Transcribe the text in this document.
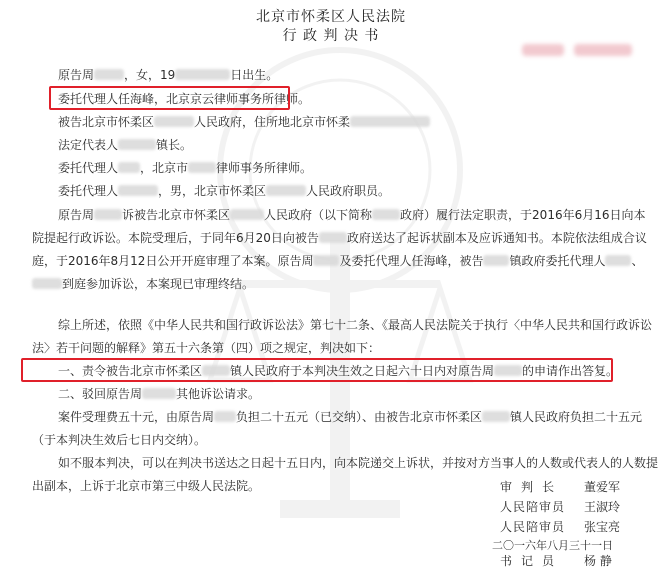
北京市怀柔区人民法院
行 政 判 决 书
原告周	，女，19	日出生。
委托代理人任海峰，北京京云律师事务所律师。
被告北京市怀柔区	人民政府，住所地北京市怀柔
法定代表人	镇长。
委托代理人 ，北京市 律师事务所律师。
委托代理人	，男，北京市怀柔区	人民政府职员。
原告周 诉被告北京市怀柔区	人民政府（以下简称 政府）履行法定职责，于2016年6月16日向本
院提起行政诉讼。本院受理后，于同年6月20日向被告 政府送达了起诉状副本及应诉通知书。本院依法组成合议
庭，于2016年8月12日公开开庭审理了本案。原告周 及委托代理人任海峰，被告 镇政府委托代理人 、
到庭参加诉讼，本案现已审理终结。
综上所述，依照《中华人民共和国行政诉讼法》第七十二条、《最高人民法院关于执行〈中华人民共和国行政诉讼
法〉若干问题的解释》第五十六条第（四）项之规定，判决如下：
一、责令被告北京市怀柔区 镇人民政府于本判决生效之日起六十日内对原告周 的申请作出答复。
二、驳回原告周	其他诉讼请求。
案件受理费五十元，由原告周 负担二十五元（已交纳）、由被告北京市怀柔区 镇人民政府负担二十五元
（于本判决生效后七日内交纳）。
如不服本判决，可以在判决书送达之日起十五日内，向本院递交上诉状，并按对方当事人的人数或代表人的人数提
出副本，上诉于北京市第三中级人民法院。	审判长 董爱军
人民陪审员 王淑玲
人民陪审员 张宝亮
二〇一六年八月三十一日
书记员 杨 静
